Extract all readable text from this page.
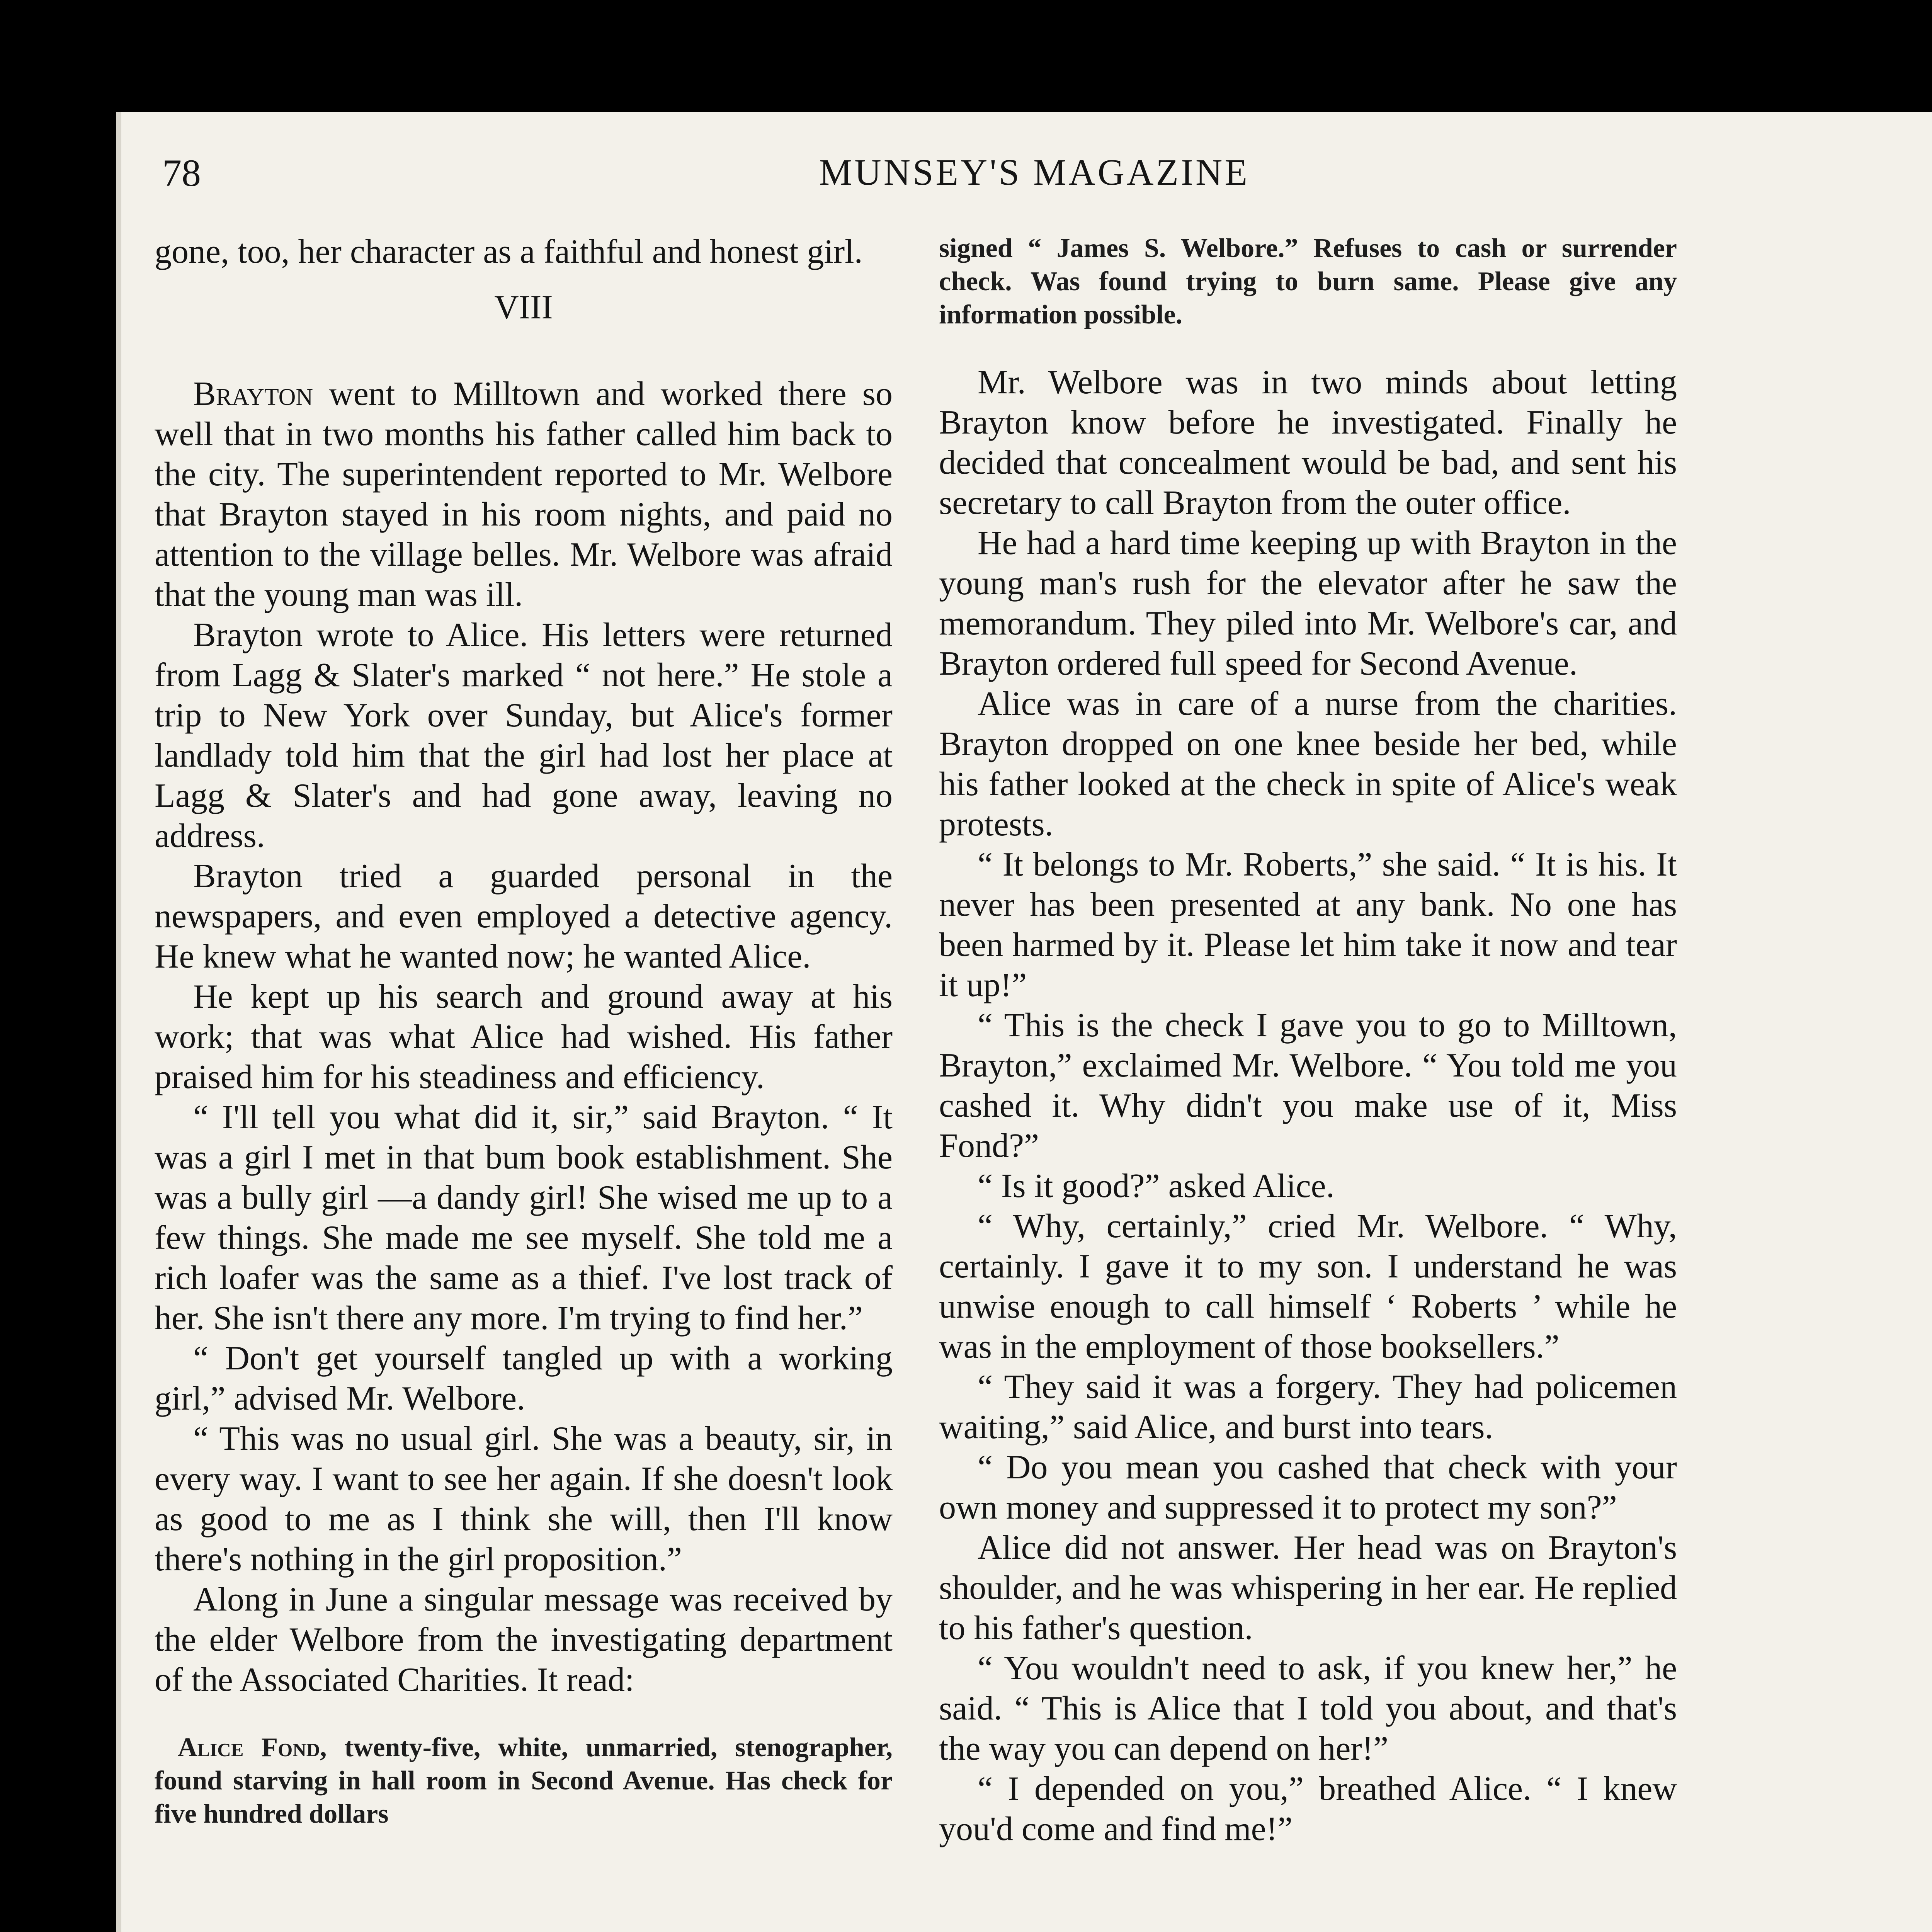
78	MUNSEY'S MAGAZINE

gone, too, her character as a faithful and honest girl.

VIII

Brayton went to Milltown and worked there so well that in two months his father called him back to the city. The superintendent reported to Mr. Welbore that Brayton stayed in his room nights, and paid no attention to the village belles. Mr. Welbore was afraid that the young man was ill.

Brayton wrote to Alice. His letters were returned from Lagg & Slater's marked “ not here.” He stole a trip to New York over Sunday, but Alice's former landlady told him that the girl had lost her place at Lagg & Slater's and had gone away, leaving no address.

Brayton tried a guarded personal in the newspapers, and even employed a detective agency. He knew what he wanted now; he wanted Alice.

He kept up his search and ground away at his work; that was what Alice had wished. His father praised him for his steadiness and efficiency.

“ I'll tell you what did it, sir,” said Brayton. “ It was a girl I met in that bum book establishment. She was a bully girl —a dandy girl! She wised me up to a few things. She made me see myself. She told me a rich loafer was the same as a thief. I've lost track of her. She isn't there any more. I'm trying to find her.”

“ Don't get yourself tangled up with a working girl,” advised Mr. Welbore.

“ This was no usual girl. She was a beauty, sir, in every way. I want to see her again. If she doesn't look as good to me as I think she will, then I'll know there's nothing in the girl proposition.”

Along in June a singular message was received by the elder Welbore from the investigating department of the Associated Charities. It read:

Alice Fond, twenty-five, white, unmarried, stenographer, found starving in hall room in Second Avenue. Has check for five hundred dollars

signed “ James S. Welbore.” Refuses to cash or surrender check. Was found trying to burn same. Please give any information possible.

Mr. Welbore was in two minds about letting Brayton know before he investigated. Finally he decided that concealment would be bad, and sent his secretary to call Brayton from the outer office.

He had a hard time keeping up with Brayton in the young man's rush for the elevator after he saw the memorandum. They piled into Mr. Welbore's car, and Brayton ordered full speed for Second Avenue.

Alice was in care of a nurse from the charities. Brayton dropped on one knee beside her bed, while his father looked at the check in spite of Alice's weak protests.

“ It belongs to Mr. Roberts,” she said. “ It is his. It never has been presented at any bank. No one has been harmed by it. Please let him take it now and tear it up!”

“ This is the check I gave you to go to Milltown, Brayton,” exclaimed Mr. Welbore. “ You told me you cashed it. Why didn't you make use of it, Miss Fond?”

“ Is it good?” asked Alice.

“ Why, certainly,” cried Mr. Welbore. “ Why, certainly. I gave it to my son. I understand he was unwise enough to call himself ‘ Roberts ’ while he was in the employment of those booksellers.”

“ They said it was a forgery. They had policemen waiting,” said Alice, and burst into tears.

“ Do you mean you cashed that check with your own money and suppressed it to protect my son?”

Alice did not answer. Her head was on Brayton's shoulder, and he was whispering in her ear. He replied to his father's question.

“ You wouldn't need to ask, if you knew her,” he said. “ This is Alice that I told you about, and that's the way you can depend on her!”

“ I depended on you,” breathed Alice. “ I knew you'd come and find me!”
